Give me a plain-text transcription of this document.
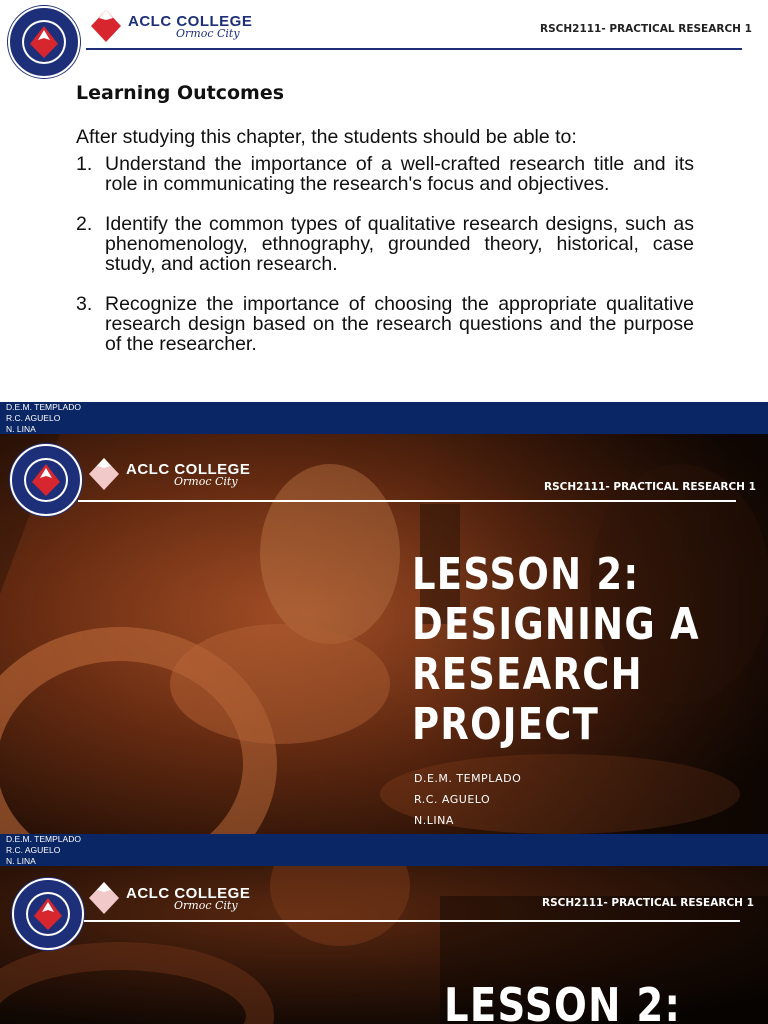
ACLC COLLEGE
Ormoc City	RSCH2111- PRACTICAL RESEARCH 1
Learning Outcomes
After studying this chapter, the students should be able to:
1. Understand the importance of a well-crafted research title and its role in communicating the research's focus and objectives.
2. Identify the common types of qualitative research designs, such as phenomenology, ethnography, grounded theory, historical, case study, and action research.
3. Recognize the importance of choosing the appropriate qualitative research design based on the research questions and the purpose of the researcher.
D.E.M. TEMPLADO
R.C. AGUELO
N. LINA
ACLC COLLEGE
Ormoc City	RSCH2111- PRACTICAL RESEARCH 1
LESSON 2:
DESIGNING A
RESEARCH
PROJECT
D.E.M. TEMPLADO
R.C. AGUELO
N.LINA
D.E.M. TEMPLADO
R.C. AGUELO
N. LINA
ACLC COLLEGE
Ormoc City	RSCH2111- PRACTICAL RESEARCH 1
LESSON 2:
